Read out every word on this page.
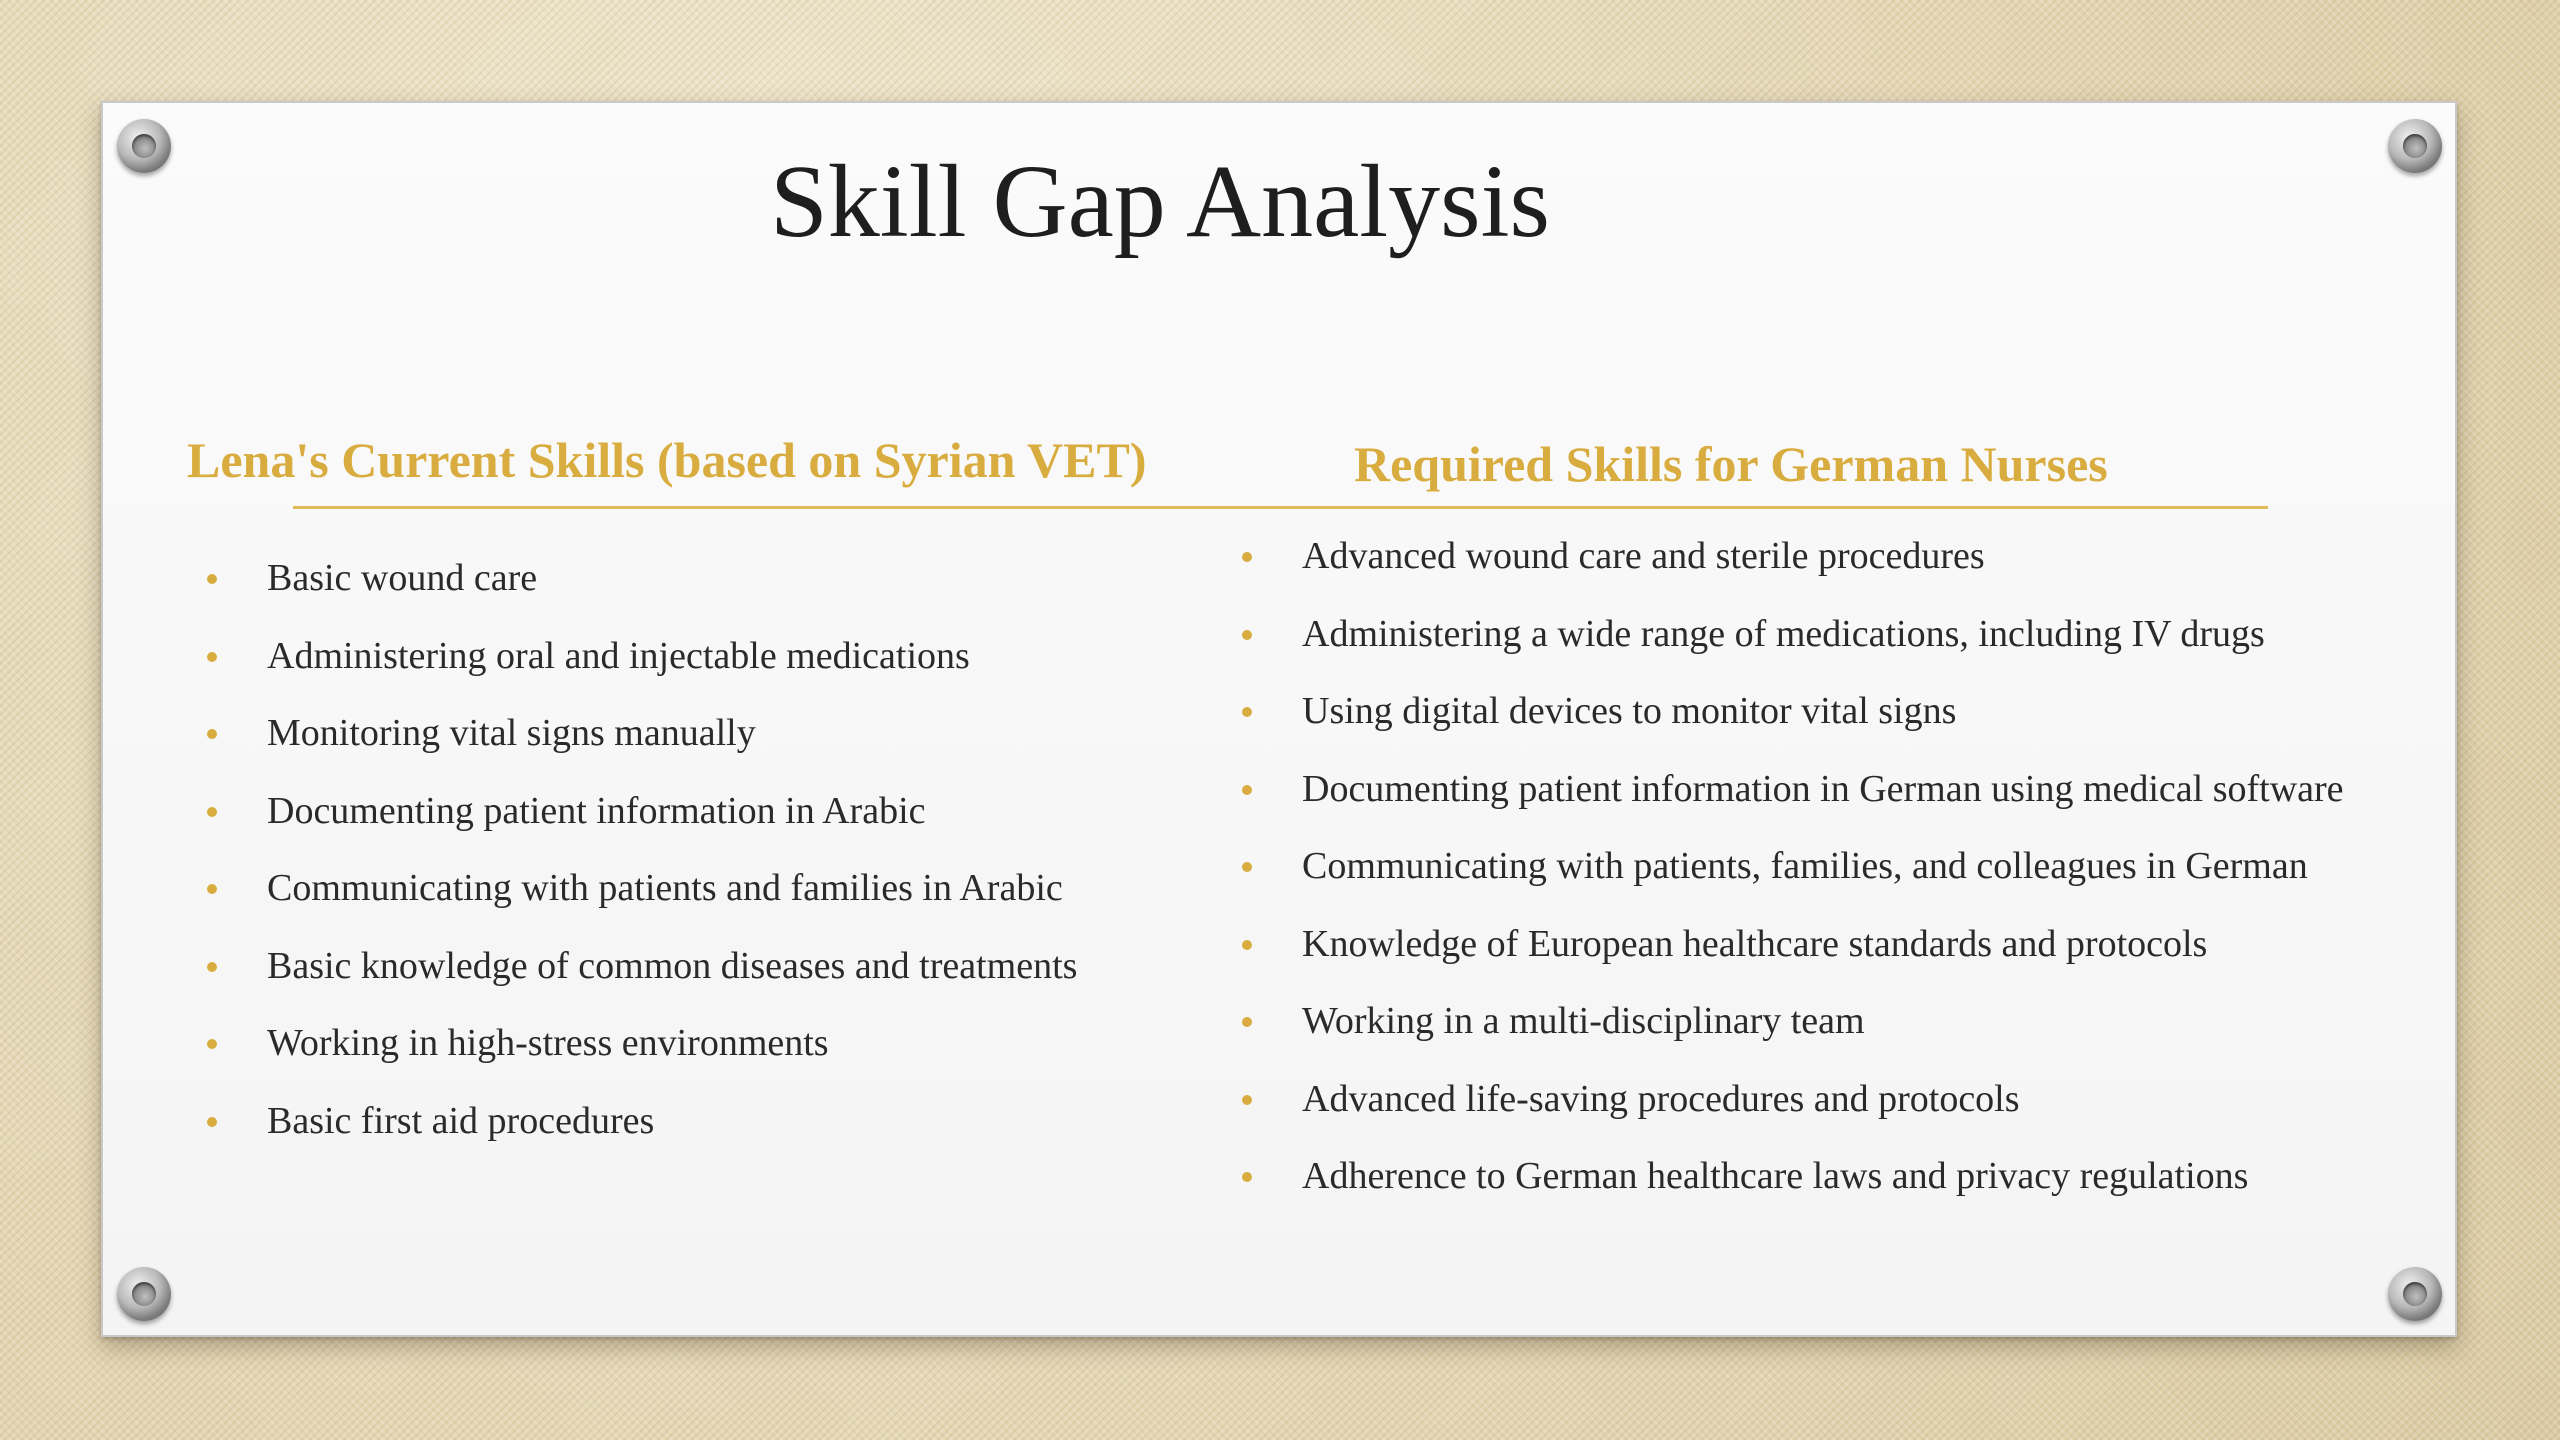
Skill Gap Analysis
Lena's Current Skills (based on Syrian VET)	Required Skills for German Nurses
Basic wound care
Administering oral and injectable medications
Monitoring vital signs manually
Documenting patient information in Arabic
Communicating with patients and families in Arabic
Basic knowledge of common diseases and treatments
Working in high-stress environments
Basic first aid procedures
Advanced wound care and sterile procedures
Administering a wide range of medications, including IV drugs
Using digital devices to monitor vital signs
Documenting patient information in German using medical software
Communicating with patients, families, and colleagues in German
Knowledge of European healthcare standards and protocols
Working in a multi-disciplinary team
Advanced life-saving procedures and protocols
Adherence to German healthcare laws and privacy regulations
